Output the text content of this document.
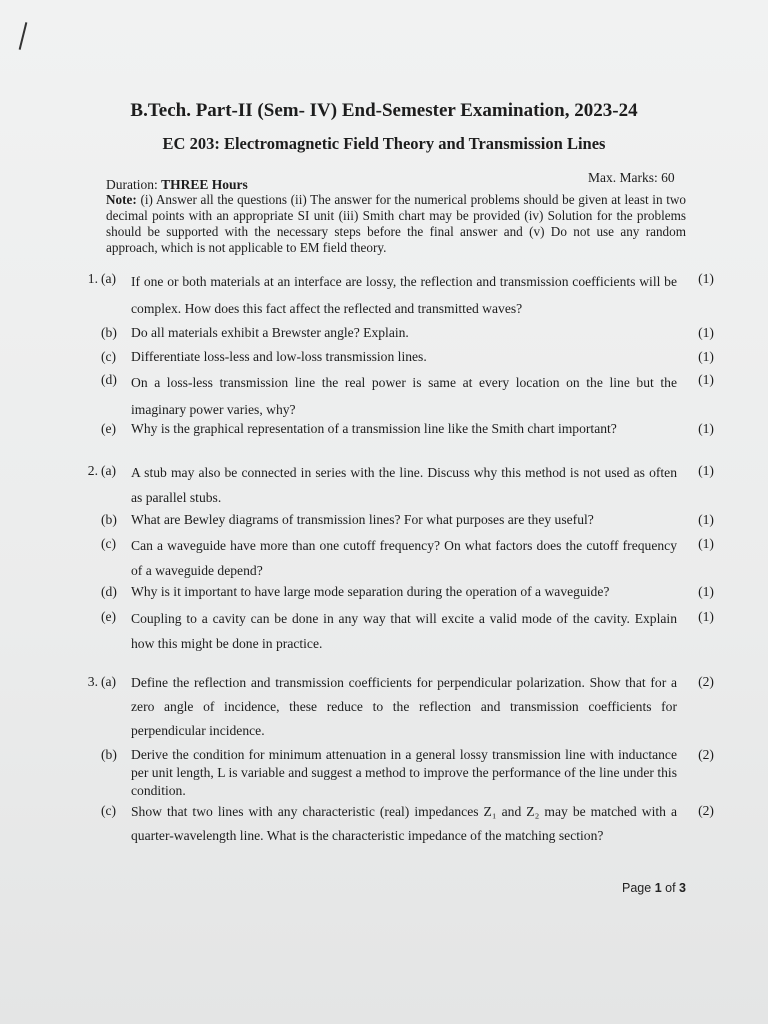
B.Tech. Part-II (Sem- IV) End-Semester Examination, 2023-24
EC 203: Electromagnetic Field Theory and Transmission Lines
Duration: THREE Hours	Max. Marks: 60
Note: (i) Answer all the questions (ii) The answer for the numerical problems should be given at least in two decimal points with an appropriate SI unit (iii) Smith chart may be provided (iv) Solution for the problems should be supported with the necessary steps before the final answer and (v) Do not use any random approach, which is not applicable to EM field theory.
1. (a) If one or both materials at an interface are lossy, the reflection and transmission coefficients will be complex. How does this fact affect the reflected and transmitted waves?
(1)
(b) Do all materials exhibit a Brewster angle? Explain.	(1)
(c) Differentiate loss-less and low-loss transmission lines.	(1)
(d) On a loss-less transmission line the real power is same at every location on the line but the imaginary power varies, why?
(1)
(e) Why is the graphical representation of a transmission line like the Smith chart important?	(1)
2. (a) A stub may also be connected in series with the line. Discuss why this method is not used as often as parallel stubs.
(1)
(b) What are Bewley diagrams of transmission lines? For what purposes are they useful?	(1)
(c) Can a waveguide have more than one cutoff frequency? On what factors does the cutoff frequency of a waveguide depend?
(1)
(d) Why is it important to have large mode separation during the operation of a waveguide?	(1)
(e) Coupling to a cavity can be done in any way that will excite a valid mode of the cavity. Explain how this might be done in practice.
(1)
3. (a) Define the reflection and transmission coefficients for perpendicular polarization. Show that for a zero angle of incidence, these reduce to the reflection and transmission coefficients for perpendicular incidence.
(2)
(b) Derive the condition for minimum attenuation in a general lossy transmission line with inductance per unit length, L is variable and suggest a method to improve the performance of the line under this condition.
(2)
(c) Show that two lines with any characteristic (real) impedances Z₁ and Z₂ may be matched with a quarter-wavelength line. What is the characteristic impedance of the matching section?
(2)
Page 1 of 3
